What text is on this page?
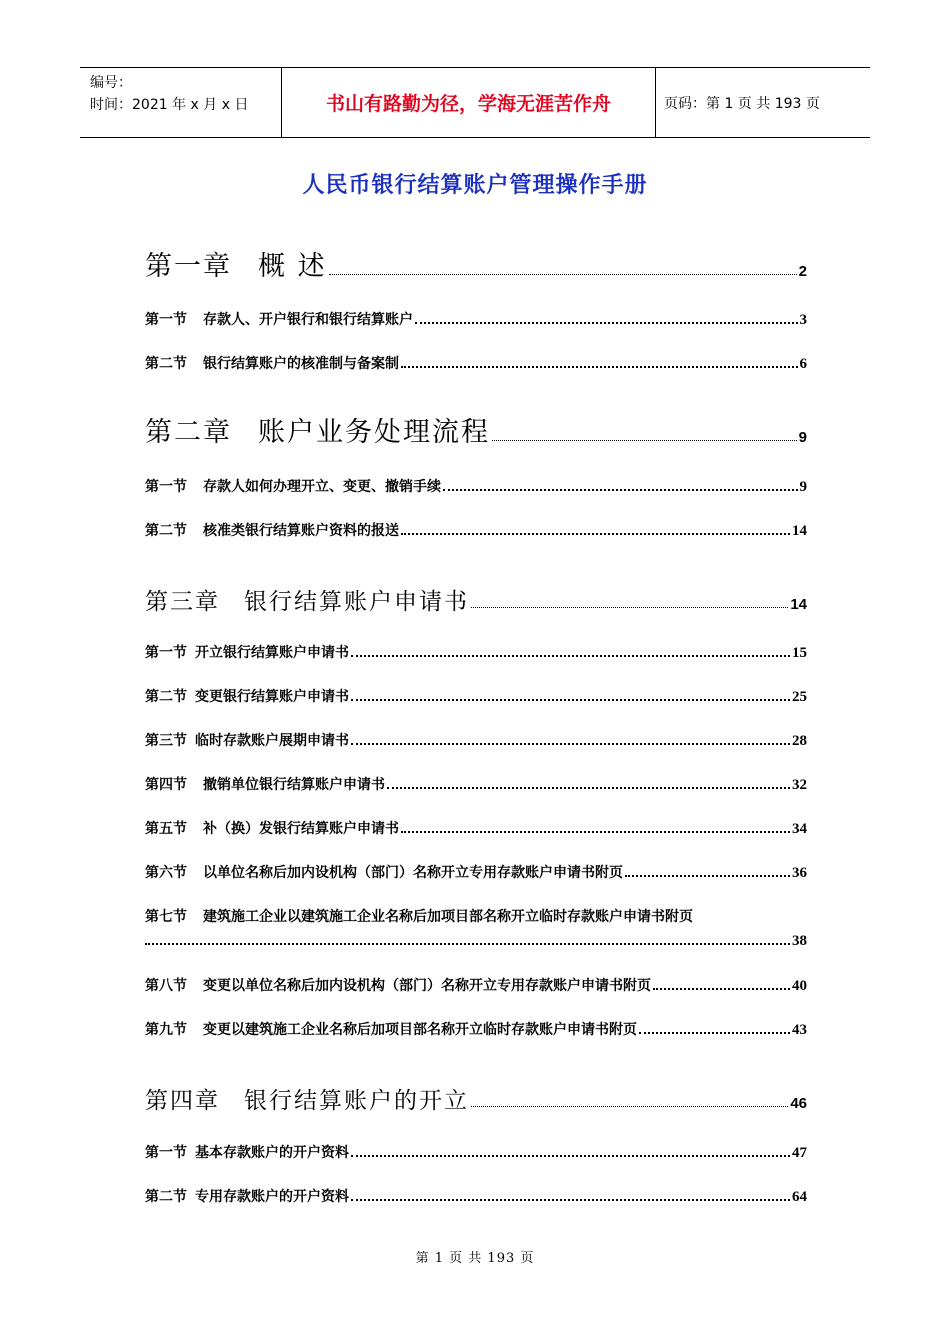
编号：
时间：2021 年 x 月 x 日	书山有路勤为径，学海无涯苦作舟	页码：第 1 页 共 193 页
人民币银行结算账户管理操作手册
第一章 概 述	2
第一节 存款人、开户银行和银行结算账户	3
第二节 银行结算账户的核准制与备案制	6
第二章 账户业务处理流程	9
第一节 存款人如何办理开立、变更、撤销手续	9
第二节 核准类银行结算账户资料的报送	14
第三章 银行结算账户申请书	14
第一节 开立银行结算账户申请书	15
第二节 变更银行结算账户申请书	25
第三节 临时存款账户展期申请书	28
第四节 撤销单位银行结算账户申请书	32
第五节 补（换）发银行结算账户申请书	34
第六节 以单位名称后加内设机构（部门）名称开立专用存款账户申请书附页	36
第七节 建筑施工企业以建筑施工企业名称后加项目部名称开立临时存款账户申请书附页
38
第八节 变更以单位名称后加内设机构（部门）名称开立专用存款账户申请书附页	40
第九节 变更以建筑施工企业名称后加项目部名称开立临时存款账户申请书附页	43
第四章 银行结算账户的开立	46
第一节 基本存款账户的开户资料	47
第二节 专用存款账户的开户资料	64
第 1 页 共 193 页
